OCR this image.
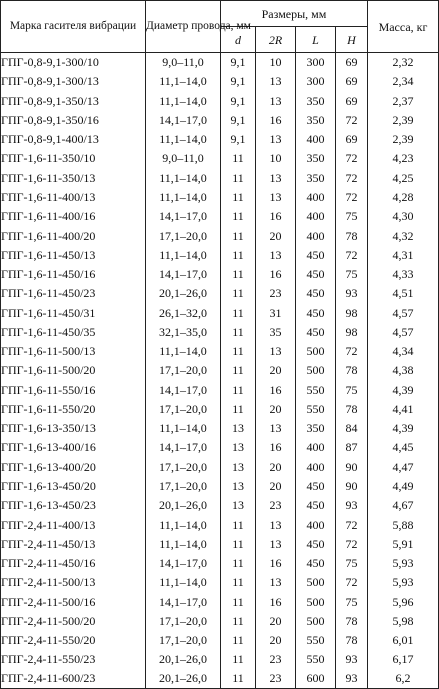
Марка гасителя вибрации	Диаметр провода, мм	Размеры, мм				Масса, кг
		d	2R	L	H	
ГПГ-0,8-9,1-300/10	9,0–11,0	9,1	10	300	69	2,32
ГПГ-0,8-9,1-300/13	11,1–14,0	9,1	13	300	69	2,34
ГПГ-0,8-9,1-350/13	11,1–14,0	9,1	13	350	69	2,37
ГПГ-0,8-9,1-350/16	14,1–17,0	9,1	16	350	72	2,39
ГПГ-0,8-9,1-400/13	11,1–14,0	9,1	13	400	69	2,39
ГПГ-1,6-11-350/10	9,0–11,0	11	10	350	72	4,23
ГПГ-1,6-11-350/13	11,1–14,0	11	13	350	72	4,25
ГПГ-1,6-11-400/13	11,1–14,0	11	13	400	72	4,28
ГПГ-1,6-11-400/16	14,1–17,0	11	16	400	75	4,30
ГПГ-1,6-11-400/20	17,1–20,0	11	20	400	78	4,32
ГПГ-1,6-11-450/13	11,1–14,0	11	13	450	72	4,31
ГПГ-1,6-11-450/16	14,1–17,0	11	16	450	75	4,33
ГПГ-1,6-11-450/23	20,1–26,0	11	23	450	93	4,51
ГПГ-1,6-11-450/31	26,1–32,0	11	31	450	98	4,57
ГПГ-1,6-11-450/35	32,1–35,0	11	35	450	98	4,57
ГПГ-1,6-11-500/13	11,1–14,0	11	13	500	72	4,34
ГПГ-1,6-11-500/20	17,1–20,0	11	20	500	78	4,38
ГПГ-1,6-11-550/16	14,1–17,0	11	16	550	75	4,39
ГПГ-1,6-11-550/20	17,1–20,0	11	20	550	78	4,41
ГПГ-1,6-13-350/13	11,1–14,0	13	13	350	84	4,39
ГПГ-1,6-13-400/16	14,1–17,0	13	16	400	87	4,45
ГПГ-1,6-13-400/20	17,1–20,0	13	20	400	90	4,47
ГПГ-1,6-13-450/20	17,1–20,0	13	20	450	90	4,49
ГПГ-1,6-13-450/23	20,1–26,0	13	23	450	93	4,67
ГПГ-2,4-11-400/13	11,1–14,0	11	13	400	72	5,88
ГПГ-2,4-11-450/13	11,1–14,0	11	13	450	72	5,91
ГПГ-2,4-11-450/16	14,1–17,0	11	16	450	75	5,93
ГПГ-2,4-11-500/13	11,1–14,0	11	13	500	72	5,93
ГПГ-2,4-11-500/16	14,1–17,0	11	16	500	75	5,96
ГПГ-2,4-11-500/20	17,1–20,0	11	20	500	78	5,98
ГПГ-2,4-11-550/20	17,1–20,0	11	20	550	78	6,01
ГПГ-2,4-11-550/23	20,1–26,0	11	23	550	93	6,17
ГПГ-2,4-11-600/23	20,1–26,0	11	23	600	93	6,2
